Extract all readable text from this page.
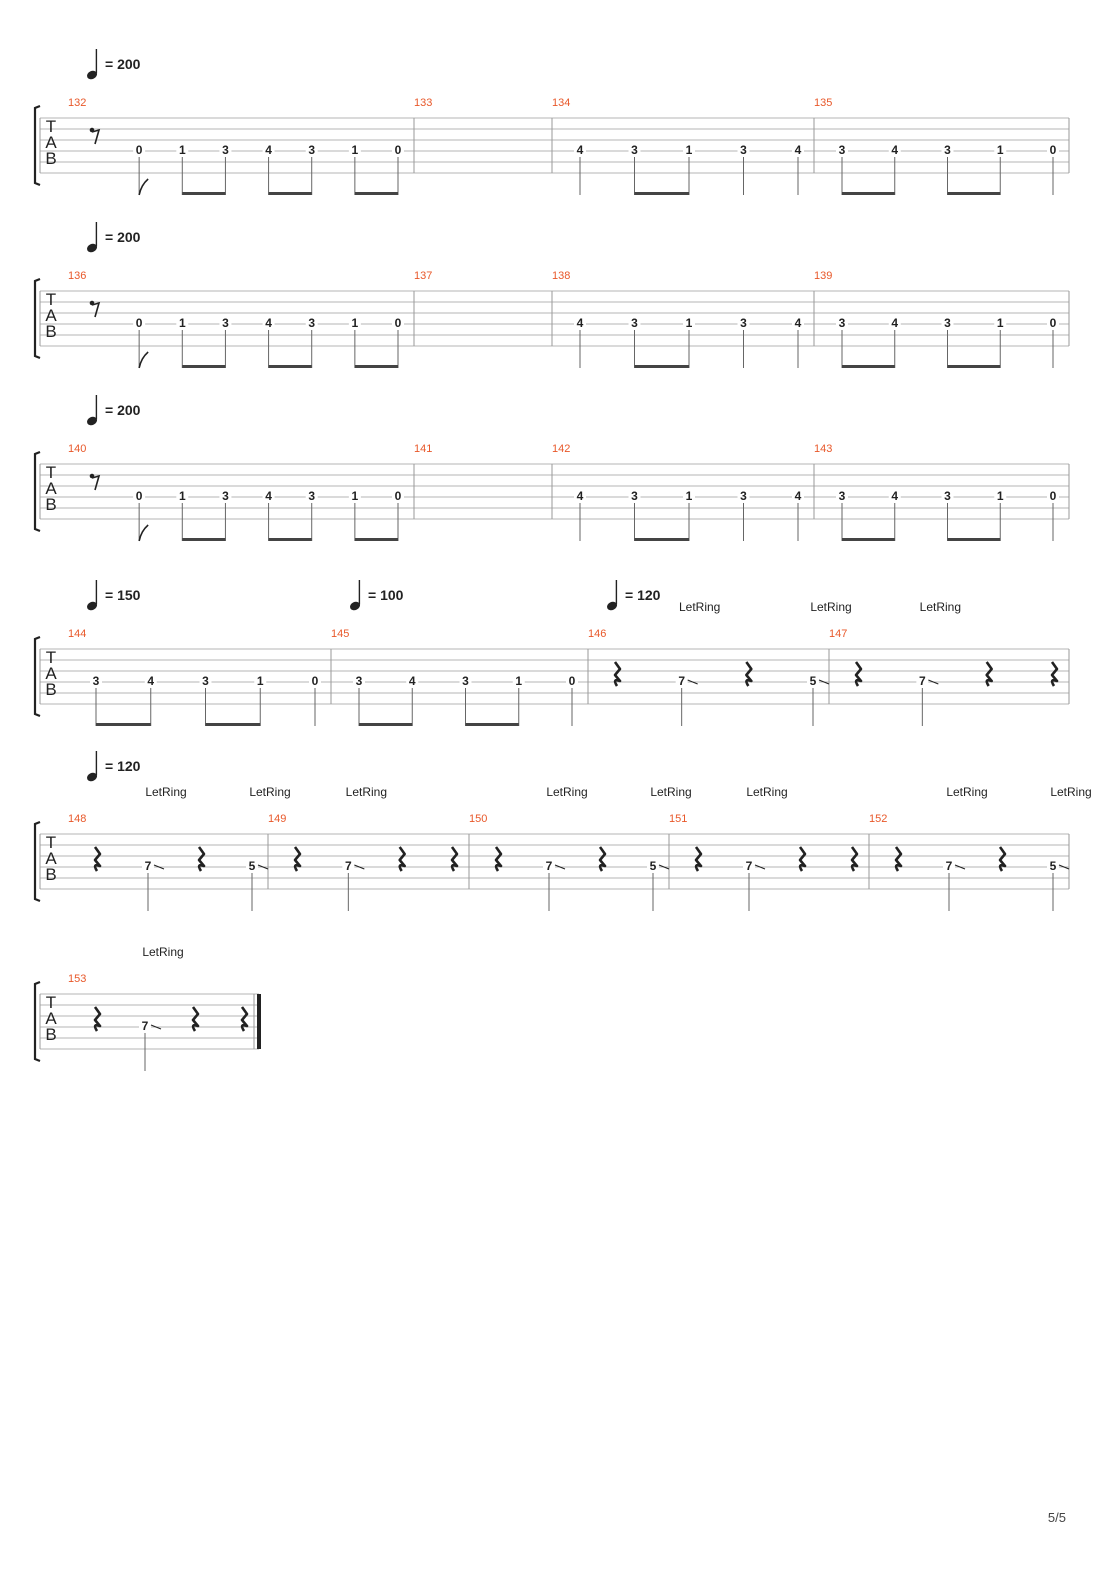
T
A
B
= 200
132
0	1	3	4	3	1	0
133	134
4	3	1	3	4
135
3	4	3	1	0
T
A
B
= 200
136
0	1	3	4	3	1	0
137	138
4	3	1	3	4
139
3	4	3	1	0
T
A
B
= 200
140
0	1	3	4	3	1	0
141	142
4	3	1	3	4
143
3	4	3	1	0
T
A
B
= 150	= 100	= 120
144
3	4	3	1	0
145
3	4	3	1	0
146
7
LetRing
5
LetRing
147
7
LetRing
T
A
B
= 120
148
7
LetRing
5
LetRing
149
7
LetRing
150
7
LetRing
5
LetRing
151
7
LetRing
152
7
LetRing
5
LetRing
T
A
B
153
7
LetRing
5/5
